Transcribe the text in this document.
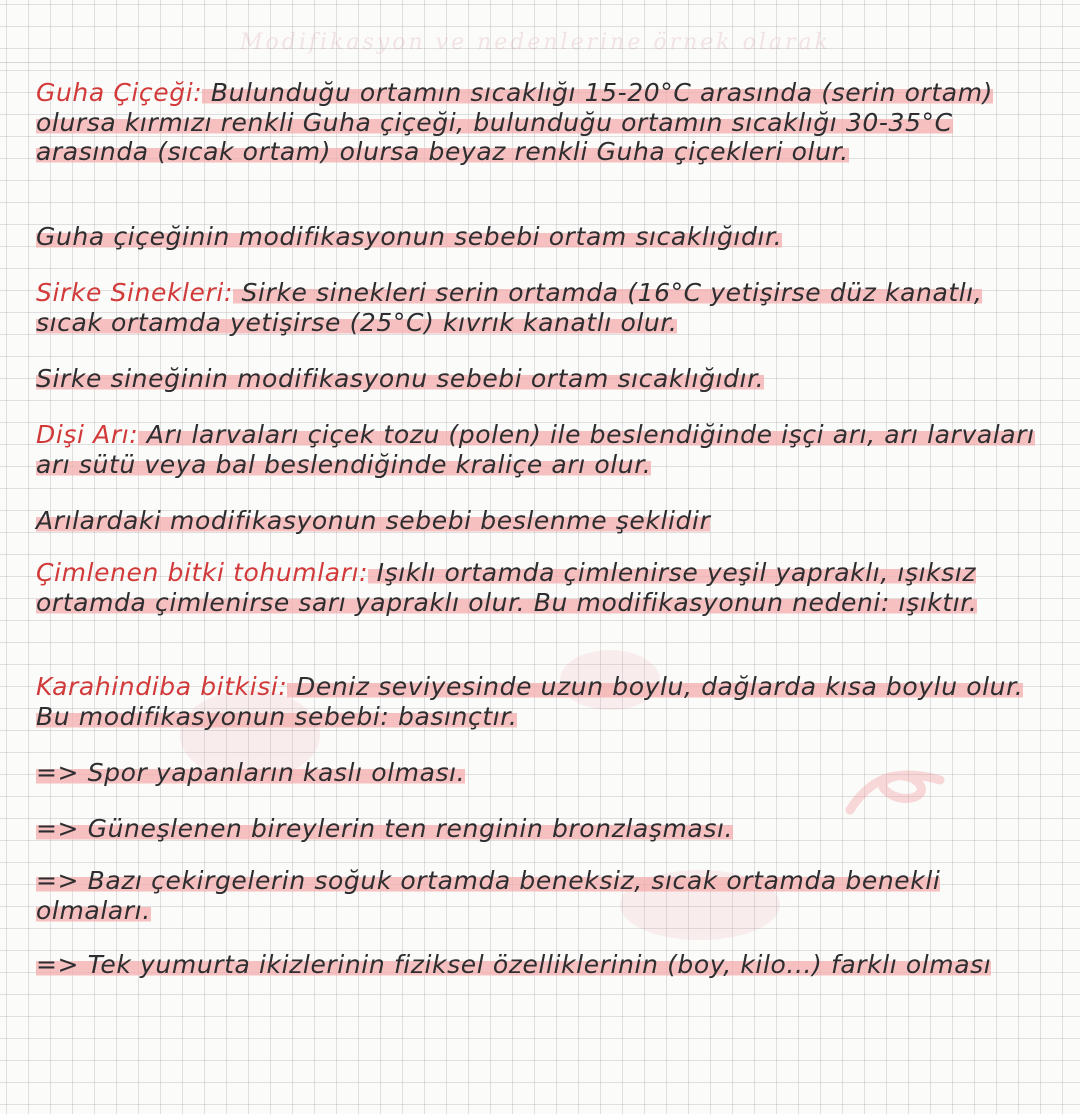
Modifikasyon ve nedenlerine örnek olarak
Guha Çiçeği: Bulunduğu ortamın sıcaklığı 15-20°C arasında (serin ortam) olursa kırmızı renkli Guha çiçeği, bulunduğu ortamın sıcaklığı 30-35°C arasında (sıcak ortam) olursa beyaz renkli Guha çiçekleri olur.
Guha çiçeğinin modifikasyonun sebebi ortam sıcaklığıdır.
Sirke Sinekleri: Sirke sinekleri serin ortamda (16°C yetişirse düz kanatlı, sıcak ortamda yetişirse (25°C) kıvrık kanatlı olur.
Sirke sineğinin modifikasyonu sebebi ortam sıcaklığıdır.
Dişi Arı: Arı larvaları çiçek tozu (polen) ile beslendiğinde işçi arı, arı larvaları arı sütü veya bal beslendiğinde kraliçe arı olur.
Arılardaki modifikasyonun sebebi beslenme şeklidir
Çimlenen bitki tohumları: Işıklı ortamda çimlenirse yeşil yapraklı, ışıksız ortamda çimlenirse sarı yapraklı olur. Bu modifikasyonun nedeni: ışıktır.
Karahindiba bitkisi: Deniz seviyesinde uzun boylu, dağlarda kısa boylu olur. Bu modifikasyonun sebebi: basınçtır.
=> Spor yapanların kaslı olması.
=> Güneşlenen bireylerin ten renginin bronzlaşması.
=> Bazı çekirgelerin soğuk ortamda beneksiz, sıcak ortamda benekli olmaları.
=> Tek yumurta ikizlerinin fiziksel özelliklerinin (boy, kilo...) farklı olması
